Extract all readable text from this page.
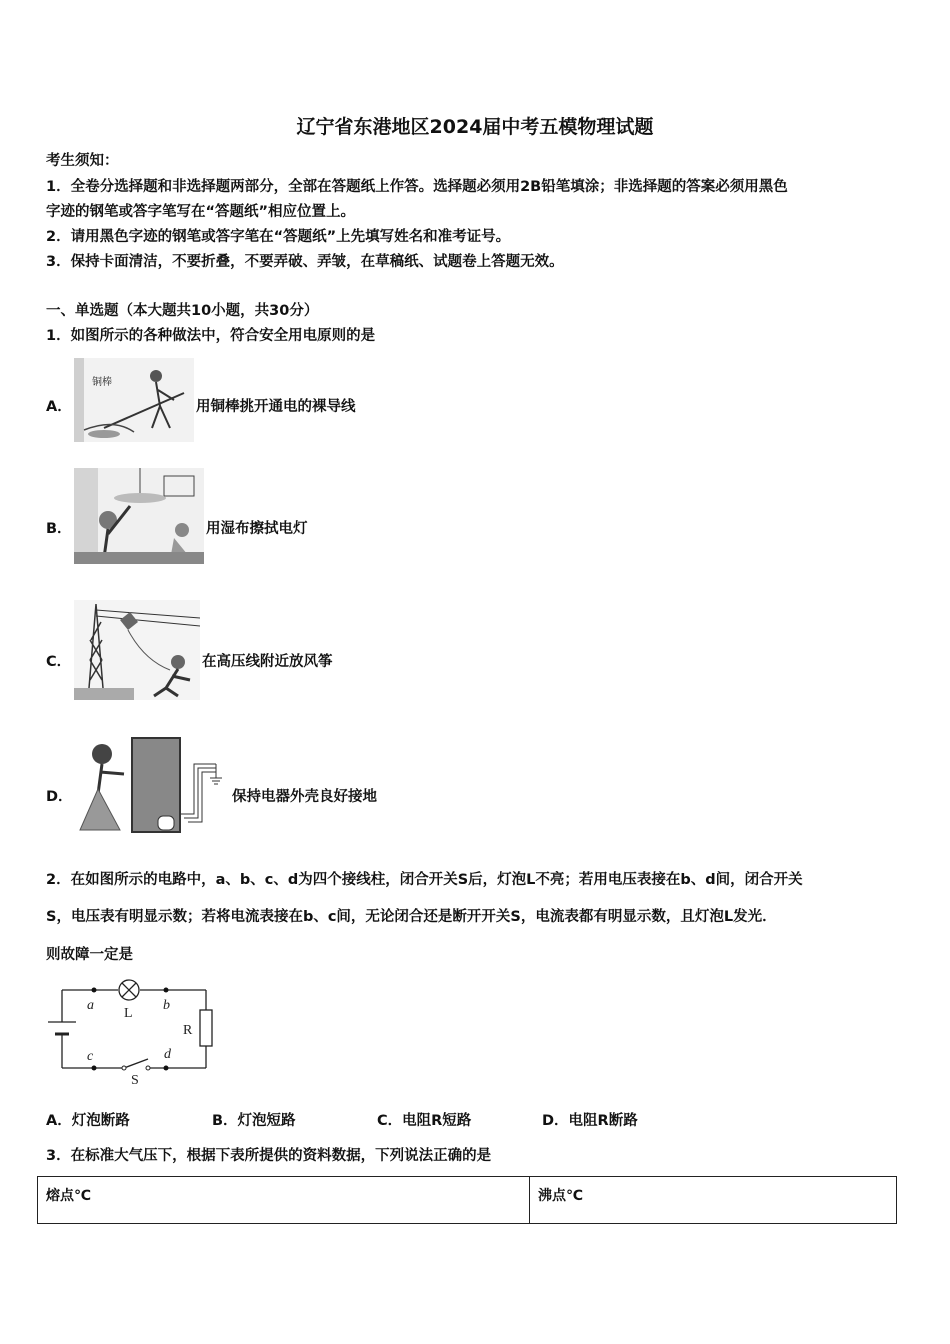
辽宁省东港地区2024届中考五模物理试题
考生须知：
1．全卷分选择题和非选择题两部分，全部在答题纸上作答。选择题必须用2B铅笔填涂；非选择题的答案必须用黑色
字迹的钢笔或答字笔写在“答题纸”相应位置上。
2．请用黑色字迹的钢笔或答字笔在“答题纸”上先填写姓名和准考证号。
3．保持卡面清洁，不要折叠，不要弄破、弄皱，在草稿纸、试题卷上答题无效。
一、单选题（本大题共10小题，共30分）
1．如图所示的各种做法中，符合安全用电原则的是
A．
铜棒
用铜棒挑开通电的裸导线
B．	用湿布擦拭电灯
C．	在高压线附近放风筝
D．	保持电器外壳良好接地
2．在如图所示的电路中，a、b、c、d为四个接线柱，闭合开关S后，灯泡L不亮；若用电压表接在b、d间，闭合开关
S，电压表有明显示数；若将电流表接在b、c间，无论闭合还是断开开关S，电流表都有明显示数，且灯泡L发光．
则故障一定是
a	b
L
R
c	d
S
A．灯泡断路	B．灯泡短路	C．电阻R短路	D．电阻R断路
3．在标准大气压下，根据下表所提供的资料数据，下列说法正确的是
熔点℃	沸点℃
